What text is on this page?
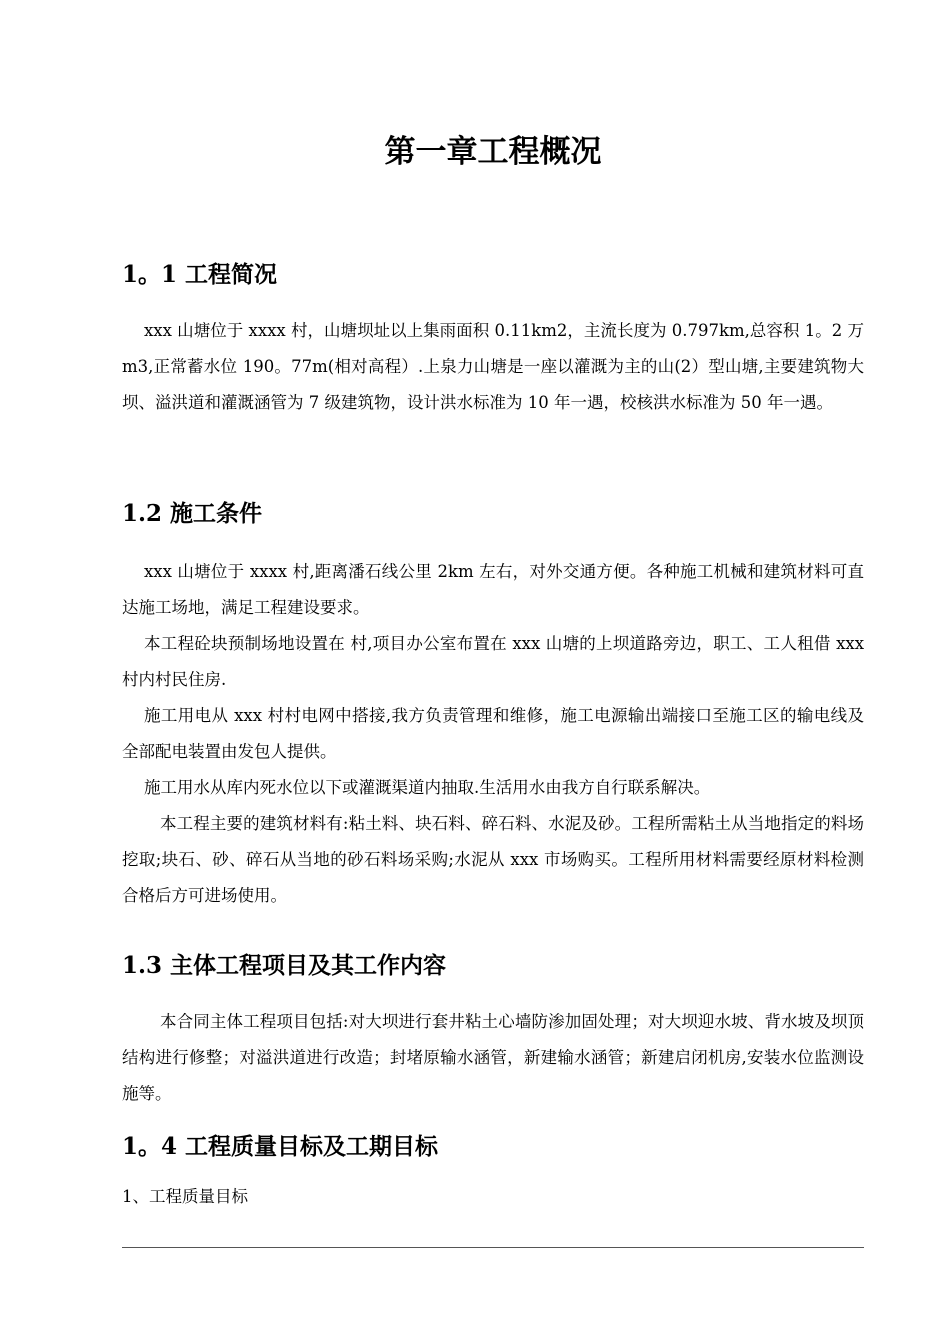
第一章工程概况
1。1 工程简况

xxx 山塘位于 xxxx 村，山塘坝址以上集雨面积 0.11km2，主流长度为 0.797km,总容积 1。2 万 m3,正常蓄水位 190。77m(相对高程）.上泉力山塘是一座以灌溉为主的山(2）型山塘,主要建筑物大坝、溢洪道和灌溉涵管为 7 级建筑物，设计洪水标准为 10 年一遇，校核洪水标准为 50 年一遇。

1.2 施工条件

xxx 山塘位于 xxxx 村,距离潘石线公里 2km 左右，对外交通方便。各种施工机械和建筑材料可直达施工场地，满足工程建设要求。

本工程砼块预制场地设置在 村,项目办公室布置在 xxx 山塘的上坝道路旁边，职工、工人租借 xxx 村内村民住房.

施工用电从 xxx 村村电网中搭接,我方负责管理和维修，施工电源输出端接口至施工区的输电线及全部配电装置由发包人提供。

施工用水从库内死水位以下或灌溉渠道内抽取.生活用水由我方自行联系解决。

本工程主要的建筑材料有:粘土料、块石料、碎石料、水泥及砂。工程所需粘土从当地指定的料场挖取;块石、砂、碎石从当地的砂石料场采购;水泥从 xxx 市场购买。工程所用材料需要经原材料检测合格后方可进场使用。

1.3 主体工程项目及其工作内容

本合同主体工程项目包括:对大坝进行套井粘土心墙防渗加固处理；对大坝迎水坡、背水坡及坝顶结构进行修整；对溢洪道进行改造；封堵原输水涵管，新建输水涵管；新建启闭机房,安装水位监测设施等。

1。4 工程质量目标及工期目标

1、工程质量目标
